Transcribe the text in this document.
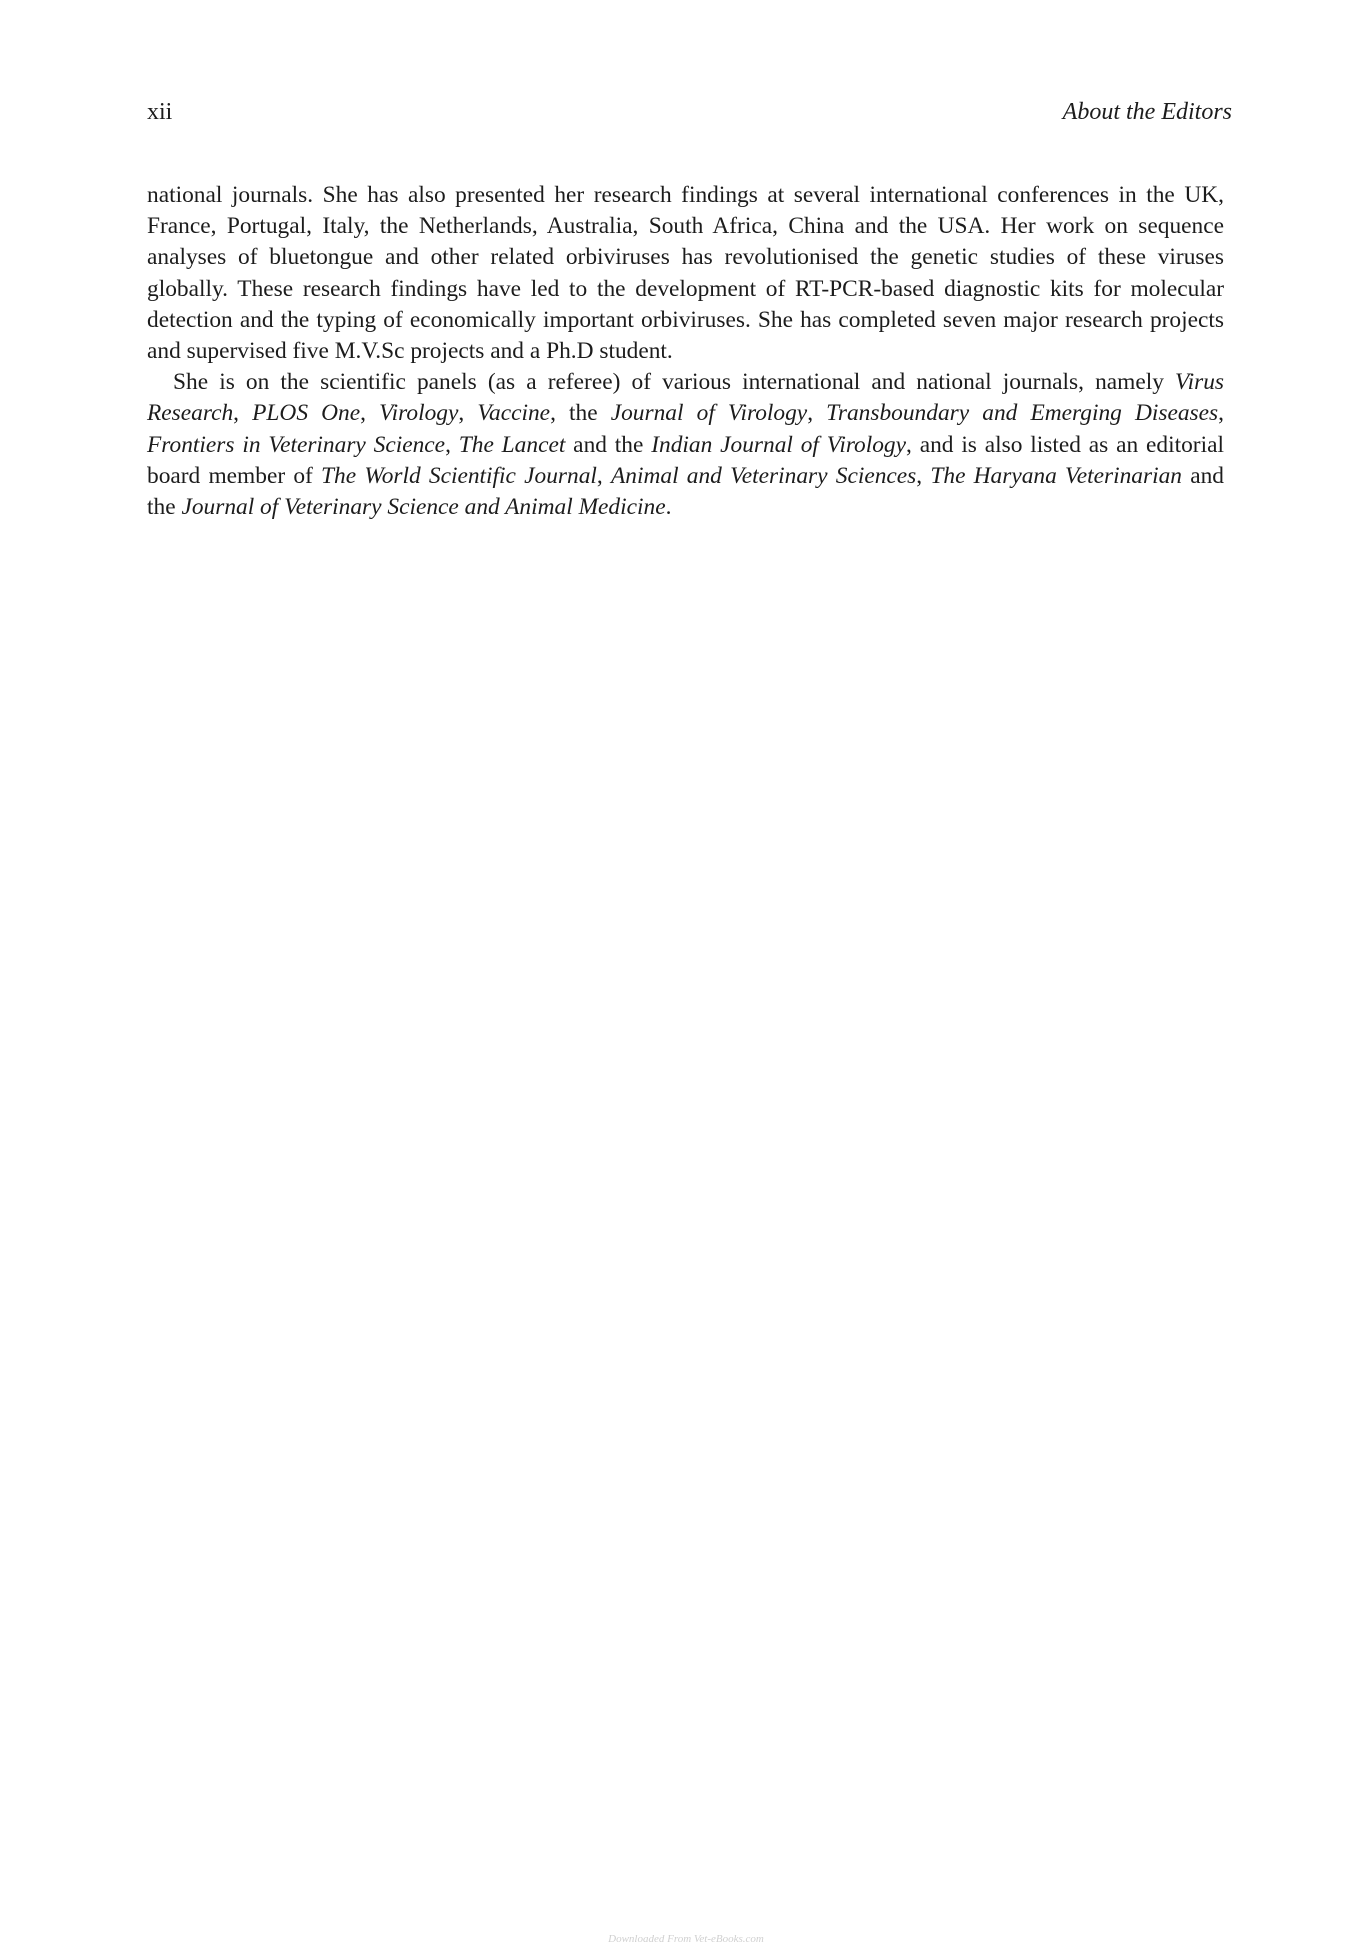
xii	About the Editors

national journals. She has also presented her research findings at several international conferences in the UK, France, Portugal, Italy, the Netherlands, Australia, South Africa, China and the USA. Her work on sequence analyses of bluetongue and other related orbiviruses has revolutionised the genetic studies of these viruses globally. These research findings have led to the development of RT-PCR-based diagnostic kits for molecular detection and the typing of economically important orbiviruses. She has completed seven major research projects and supervised five M.V.Sc projects and a Ph.D student.

She is on the scientific panels (as a referee) of various international and national journals, namely Virus Research, PLOS One, Virology, Vaccine, the Journal of Virology, Transboundary and Emerging Diseases, Frontiers in Veterinary Science, The Lancet and the Indian Journal of Virology, and is also listed as an editorial board member of The World Scientific Journal, Animal and Veterinary Sciences, The Haryana Veterinarian and the Journal of Veterinary Science and Animal Medicine.

Downloaded From Vet-eBooks.com
